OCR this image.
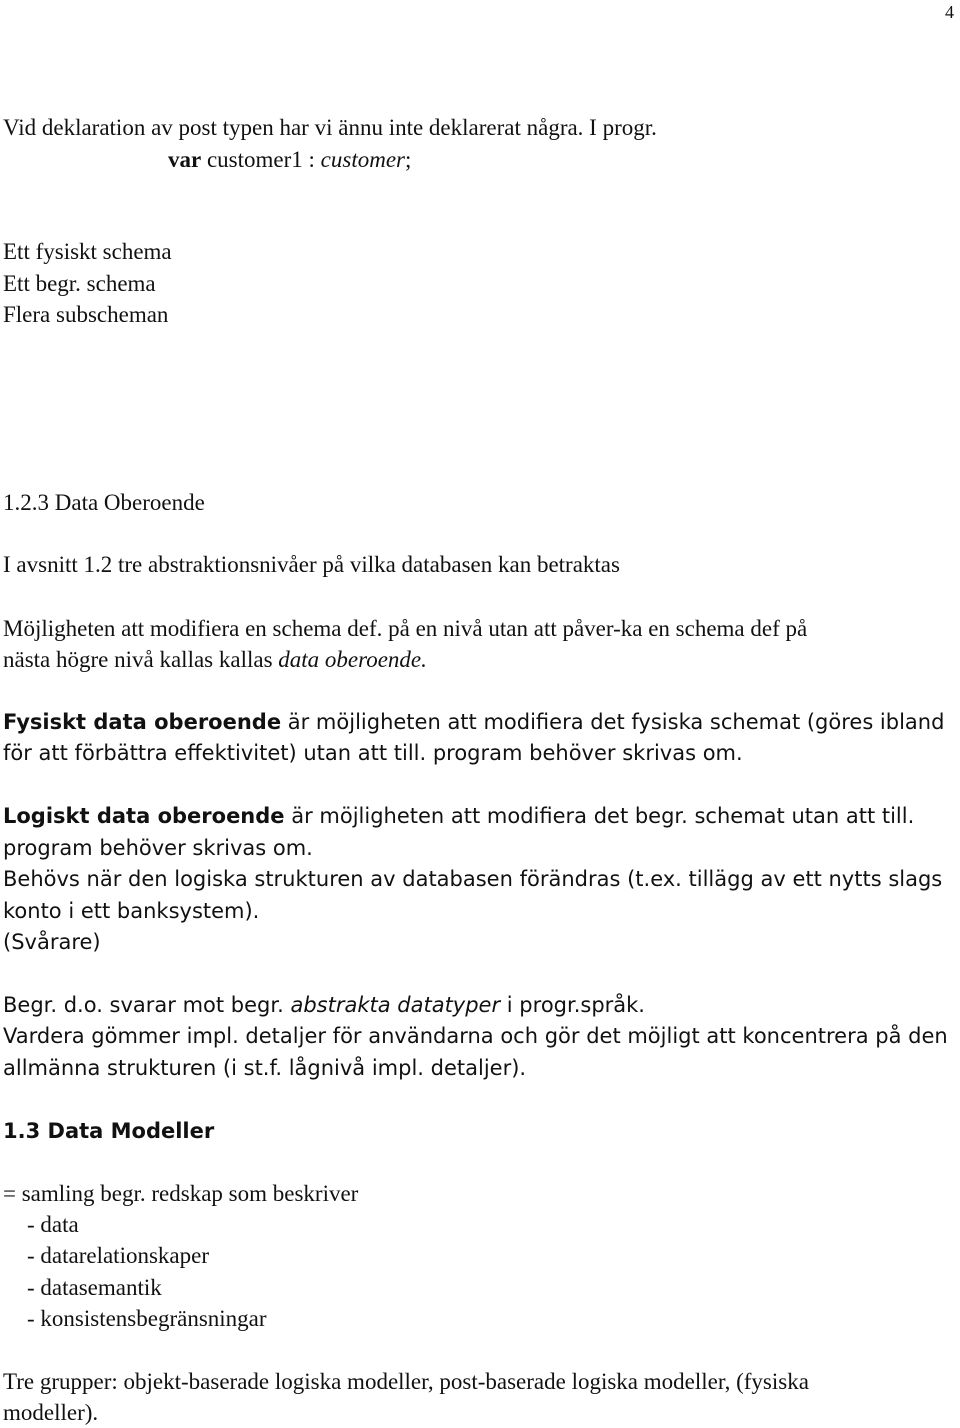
4
Vid deklaration av post typen har vi ännu inte deklarerat några. I progr.
var customer1 : customer;
Ett fysiskt schema
Ett begr. schema
Flera subscheman
1.2.3 Data Oberoende
I avsnitt 1.2 tre abstraktionsnivåer på vilka databasen kan betraktas
Möjligheten att modifiera en schema def. på en nivå utan att påver-ka en schema def på
nästa högre nivå kallas kallas data oberoende.
Fysiskt data oberoende är möjligheten att modifiera det fysiska schemat (göres ibland
för att förbättra effektivitet) utan att till. program behöver skrivas om.
Logiskt data oberoende är möjligheten att modifiera det begr. schemat utan att till.
program behöver skrivas om.
Behövs när den logiska strukturen av databasen förändras (t.ex. tillägg av ett nytts slags
konto i ett banksystem).
(Svårare)
Begr. d.o. svarar mot begr. abstrakta datatyper i progr.språk.
Vardera gömmer impl. detaljer för användarna och gör det möjligt att koncentrera på den
allmänna strukturen (i st.f. lågnivå impl. detaljer).
1.3 Data Modeller
= samling begr. redskap som beskriver
- data
- datarelationskaper
- datasemantik
- konsistensbegränsningar
Tre grupper: objekt-baserade logiska modeller, post-baserade logiska modeller, (fysiska
modeller).
